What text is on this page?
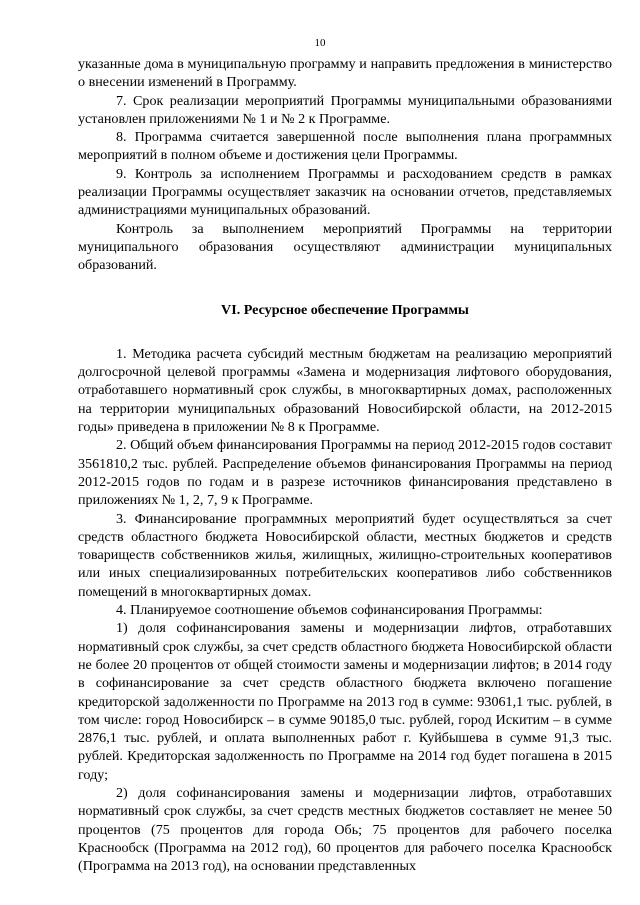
10

указанные дома в муниципальную программу и направить предложения в министерство о внесении изменений в Программу.

7. Срок реализации мероприятий Программы муниципальными образованиями установлен приложениями № 1 и № 2 к Программе.

8. Программа считается завершенной после выполнения плана программных мероприятий в полном объеме и достижения цели Программы.

9. Контроль за исполнением Программы и расходованием средств в рамках реализации Программы осуществляет заказчик на основании отчетов, представляемых администрациями муниципальных образований.

Контроль за выполнением мероприятий Программы на территории муниципального образования осуществляют администрации муниципальных образований.

VI. Ресурсное обеспечение Программы

1. Методика расчета субсидий местным бюджетам на реализацию мероприятий долгосрочной целевой программы «Замена и модернизация лифтового оборудования, отработавшего нормативный срок службы, в многоквартирных домах, расположенных на территории муниципальных образований Новосибирской области, на 2012-2015 годы» приведена в приложении № 8 к Программе.

2. Общий объем финансирования Программы на период 2012-2015 годов составит 3561810,2 тыс. рублей. Распределение объемов финансирования Программы на период 2012-2015 годов по годам и в разрезе источников финансирования представлено в приложениях № 1, 2, 7, 9 к Программе.

3. Финансирование программных мероприятий будет осуществляться за счет средств областного бюджета Новосибирской области, местных бюджетов и средств товариществ собственников жилья, жилищных, жилищно-строительных кооперативов или иных специализированных потребительских кооперативов либо собственников помещений в многоквартирных домах.

4. Планируемое соотношение объемов софинансирования Программы:

1) доля софинансирования замены и модернизации лифтов, отработавших нормативный срок службы, за счет средств областного бюджета Новосибирской области не более 20 процентов от общей стоимости замены и модернизации лифтов; в 2014 году в софинансирование за счет средств областного бюджета включено погашение кредиторской задолженности по Программе на 2013 год в сумме: 93061,1 тыс. рублей, в том числе: город Новосибирск – в сумме 90185,0 тыс. рублей, город Искитим – в сумме 2876,1 тыс. рублей, и оплата выполненных работ г. Куйбышева в сумме 91,3 тыс. рублей. Кредиторская задолженность по Программе на 2014 год будет погашена в 2015 году;

2) доля софинансирования замены и модернизации лифтов, отработавших нормативный срок службы, за счет средств местных бюджетов составляет не менее 50 процентов (75 процентов для города Обь; 75 процентов для рабочего поселка Краснообск (Программа на 2012 год), 60 процентов для рабочего поселка Краснообск (Программа на 2013 год), на основании представленных
